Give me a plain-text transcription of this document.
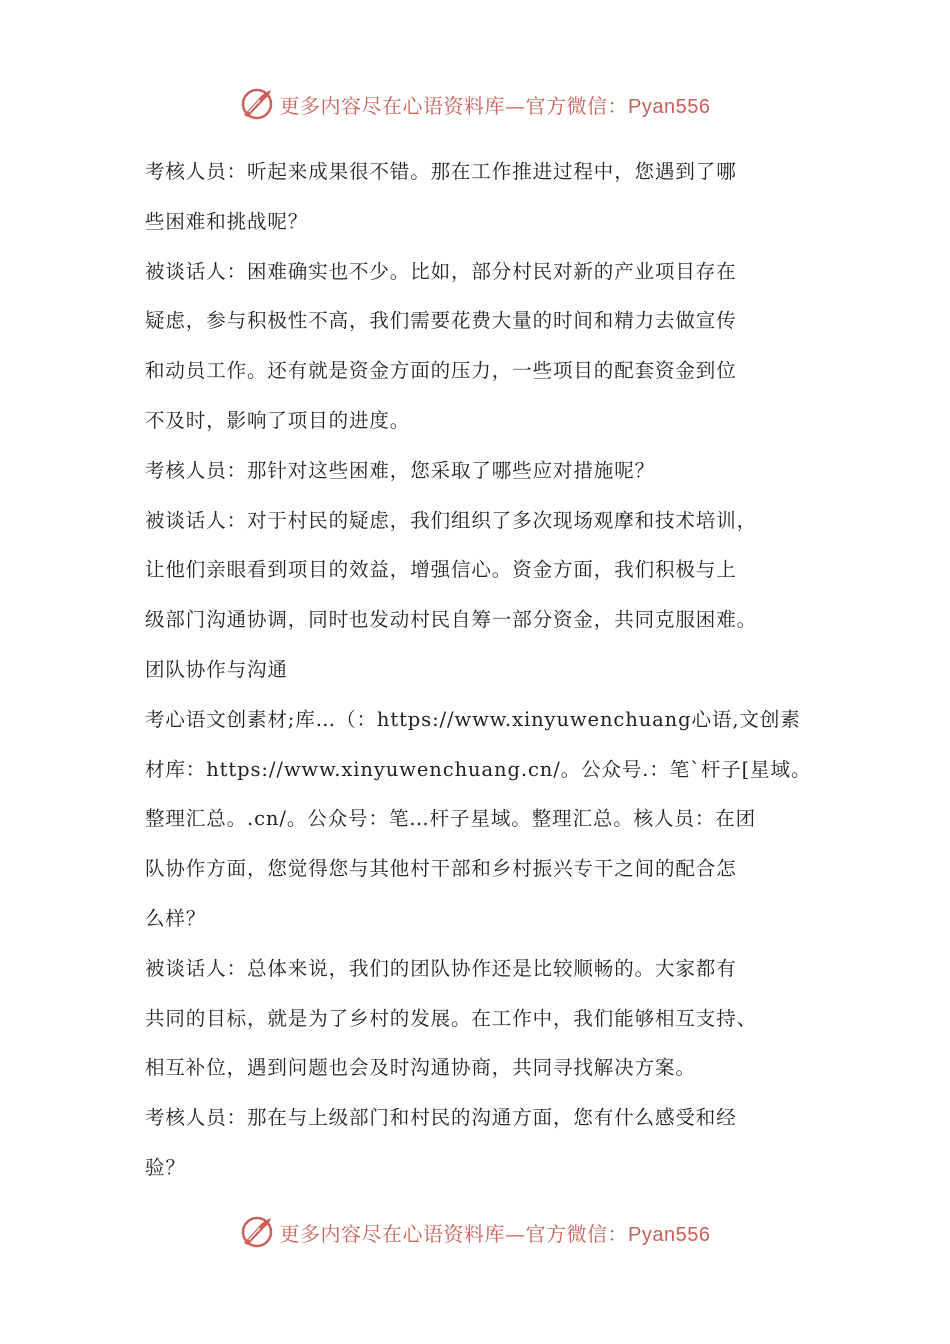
更多内容尽在心语资料库—官方微信：Pyan556
考核人员：听起来成果很不错。那在工作推进过程中，您遇到了哪
些困难和挑战呢？
被谈话人：困难确实也不少。比如，部分村民对新的产业项目存在
疑虑，参与积极性不高，我们需要花费大量的时间和精力去做宣传
和动员工作。还有就是资金方面的压力，一些项目的配套资金到位
不及时，影响了项目的进度。
考核人员：那针对这些困难，您采取了哪些应对措施呢？
被谈话人：对于村民的疑虑，我们组织了多次现场观摩和技术培训，
让他们亲眼看到项目的效益，增强信心。资金方面，我们积极与上
级部门沟通协调，同时也发动村民自筹一部分资金，共同克服困难。
团队协作与沟通
考心语文创素材;库…（：https://www.xinyuwenchuang心语,文创素
材库：https://www.xinyuwenchuang.cn/。公众号.：笔`杆子[星域。
整理汇总。.cn/。公众号：笔…杆子星域。整理汇总。核人员：在团
队协作方面，您觉得您与其他村干部和乡村振兴专干之间的配合怎
么样？
被谈话人：总体来说，我们的团队协作还是比较顺畅的。大家都有
共同的目标，就是为了乡村的发展。在工作中，我们能够相互支持、
相互补位，遇到问题也会及时沟通协商，共同寻找解决方案。
考核人员：那在与上级部门和村民的沟通方面，您有什么感受和经
验？
更多内容尽在心语资料库—官方微信：Pyan556
